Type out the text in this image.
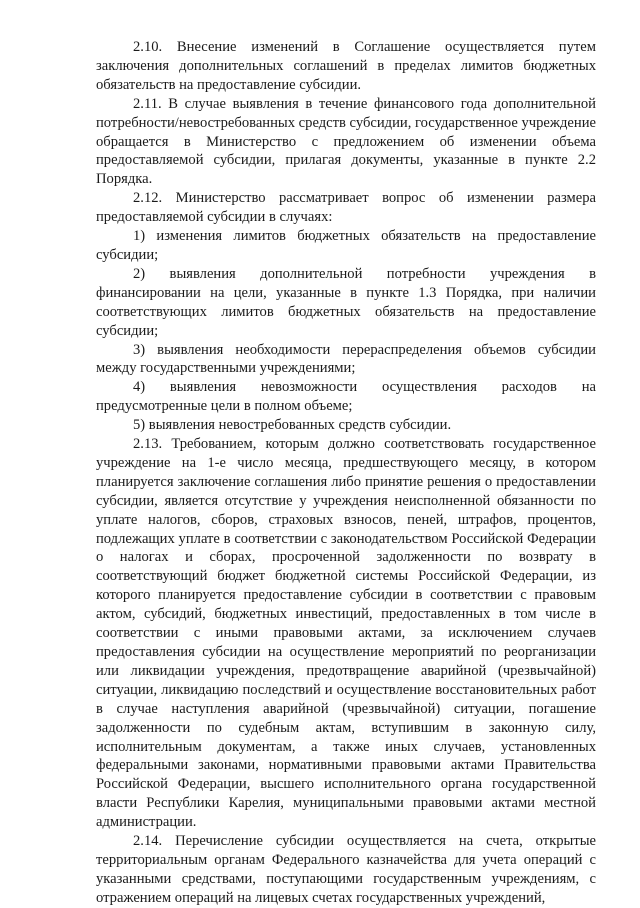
2.10. Внесение изменений в Соглашение осуществляется путем заключения дополнительных соглашений в пределах лимитов бюджетных обязательств на предоставление субсидии.

2.11. В случае выявления в течение финансового года дополнительной потребности/невостребованных средств субсидии, государственное учреждение обращается в Министерство с предложением об изменении объема предоставляемой субсидии, прилагая документы, указанные в пункте 2.2 Порядка.

2.12. Министерство рассматривает вопрос об изменении размера предоставляемой субсидии в случаях:

1) изменения лимитов бюджетных обязательств на предоставление субсидии;

2) выявления дополнительной потребности учреждения в финансировании на цели, указанные в пункте 1.3 Порядка, при наличии соответствующих лимитов бюджетных обязательств на предоставление субсидии;

3) выявления необходимости перераспределения объемов субсидии между государственными учреждениями;

4) выявления невозможности осуществления расходов на предусмотренные цели в полном объеме;

5) выявления невостребованных средств субсидии.

2.13. Требованием, которым должно соответствовать государственное учреждение на 1-е число месяца, предшествующего месяцу, в котором планируется заключение соглашения либо принятие решения о предоставлении субсидии, является отсутствие у учреждения неисполненной обязанности по уплате налогов, сборов, страховых взносов, пеней, штрафов, процентов, подлежащих уплате в соответствии с законодательством Российской Федерации о налогах и сборах, просроченной задолженности по возврату в соответствующий бюджет бюджетной системы Российской Федерации, из которого планируется предоставление субсидии в соответствии с правовым актом, субсидий, бюджетных инвестиций, предоставленных в том числе в соответствии с иными правовыми актами, за исключением случаев предоставления субсидии на осуществление мероприятий по реорганизации или ликвидации учреждения, предотвращение аварийной (чрезвычайной) ситуации, ликвидацию последствий и осуществление восстановительных работ в случае наступления аварийной (чрезвычайной) ситуации, погашение задолженности по судебным актам, вступившим в законную силу, исполнительным документам, а также иных случаев, установленных федеральными законами, нормативными правовыми актами Правительства Российской Федерации, высшего исполнительного органа государственной власти Республики Карелия, муниципальными правовыми актами местной администрации.

2.14. Перечисление субсидии осуществляется на счета, открытые территориальным органам Федерального казначейства для учета операций с указанными средствами, поступающими государственным учреждениям, с отражением операций на лицевых счетах государственных учреждений,
